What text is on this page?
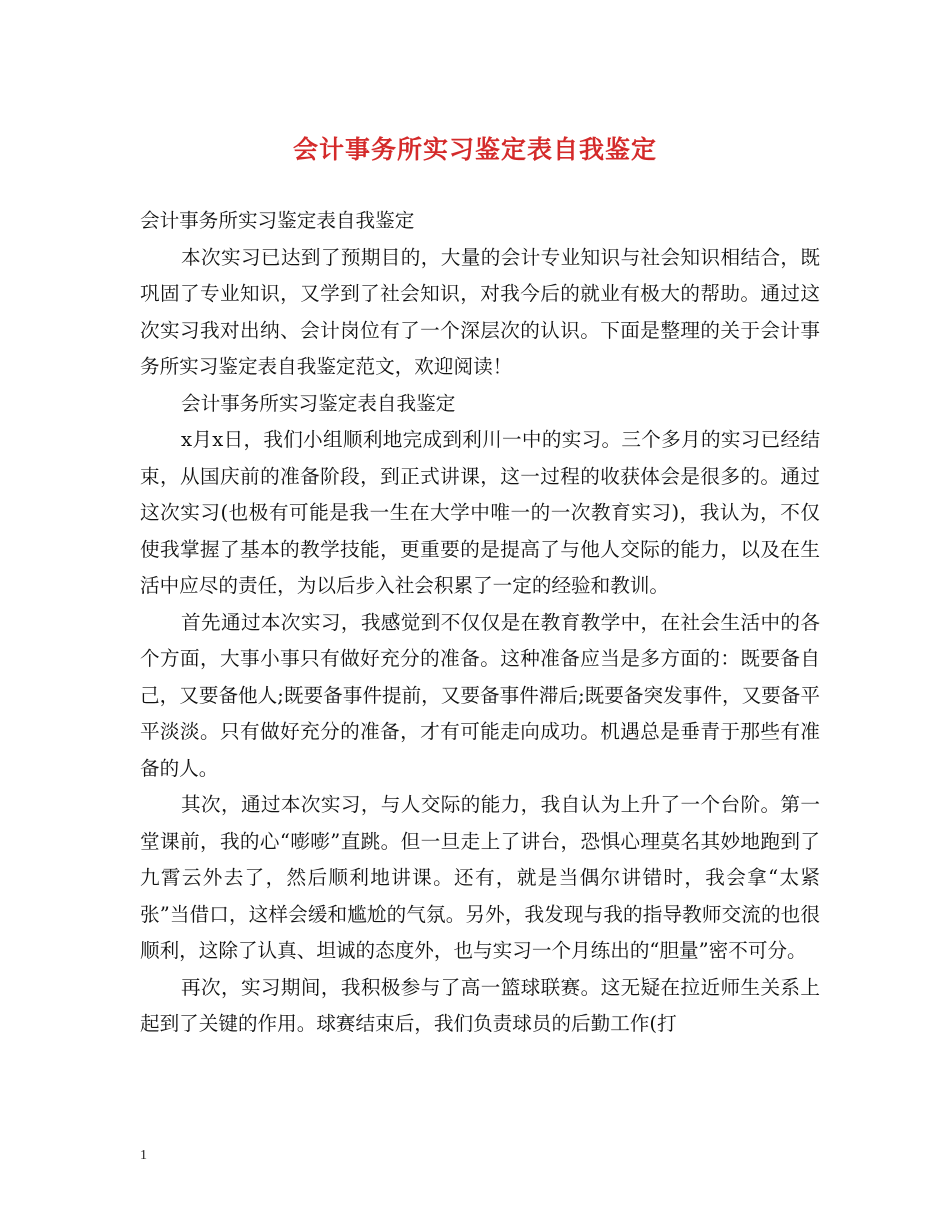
会计事务所实习鉴定表自我鉴定

会计事务所实习鉴定表自我鉴定

本次实习已达到了预期目的，大量的会计专业知识与社会知识相结合，既巩固了专业知识，又学到了社会知识，对我今后的就业有极大的帮助。通过这次实习我对出纳、会计岗位有了一个深层次的认识。下面是整理的关于会计事务所实习鉴定表自我鉴定范文，欢迎阅读！

会计事务所实习鉴定表自我鉴定

x月x日，我们小组顺利地完成到利川一中的实习。三个多月的实习已经结束，从国庆前的准备阶段，到正式讲课，这一过程的收获体会是很多的。通过这次实习(也极有可能是我一生在大学中唯一的一次教育实习)，我认为，不仅使我掌握了基本的教学技能，更重要的是提高了与他人交际的能力，以及在生活中应尽的责任，为以后步入社会积累了一定的经验和教训。

首先通过本次实习，我感觉到不仅仅是在教育教学中，在社会生活中的各个方面，大事小事只有做好充分的准备。这种准备应当是多方面的：既要备自己，又要备他人;既要备事件提前，又要备事件滞后;既要备突发事件，又要备平平淡淡。只有做好充分的准备，才有可能走向成功。机遇总是垂青于那些有准备的人。

其次，通过本次实习，与人交际的能力，我自认为上升了一个台阶。第一堂课前，我的心“嘭嘭”直跳。但一旦走上了讲台，恐惧心理莫名其妙地跑到了九霄云外去了，然后顺利地讲课。还有，就是当偶尔讲错时，我会拿“太紧张”当借口，这样会缓和尴尬的气氛。另外，我发现与我的指导教师交流的也很顺利，这除了认真、坦诚的态度外，也与实习一个月练出的“胆量”密不可分。

再次，实习期间，我积极参与了高一篮球联赛。这无疑在拉近师生关系上起到了关键的作用。球赛结束后，我们负责球员的后勤工作(打

1
